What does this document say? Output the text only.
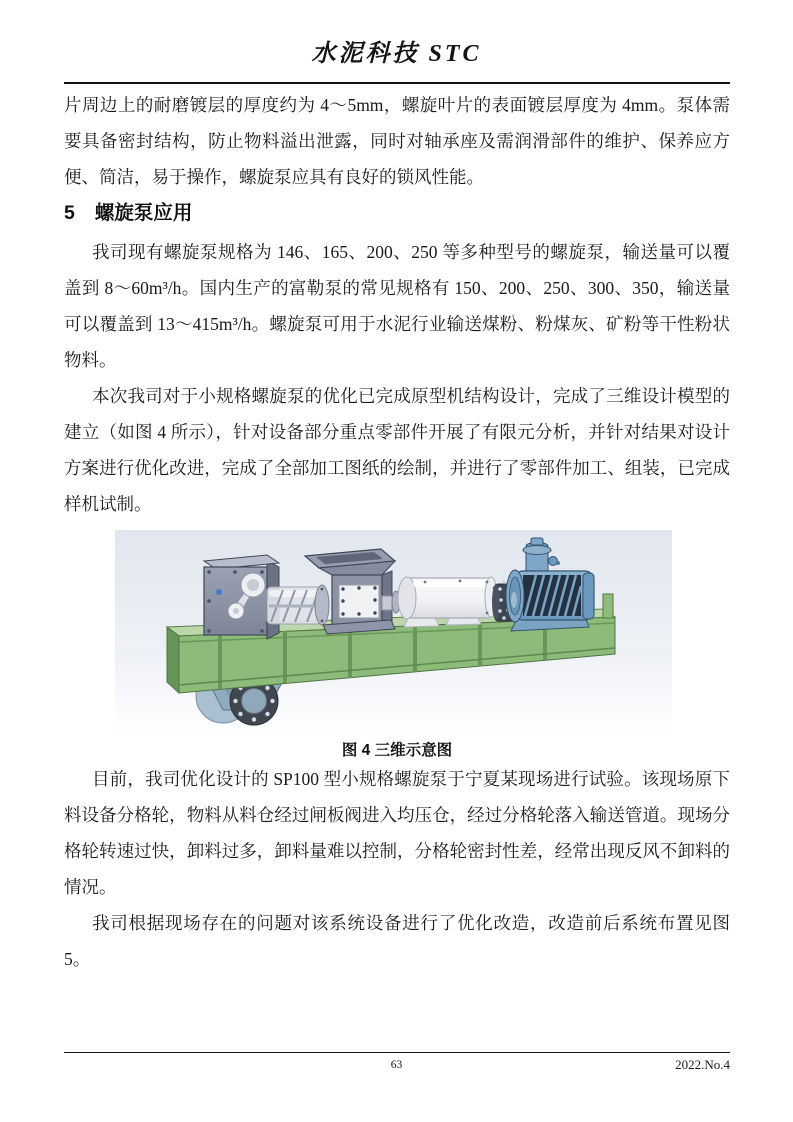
水泥科技 STC

片周边上的耐磨镀层的厚度约为 4～5mm，螺旋叶片的表面镀层厚度为 4mm。泵体需要具备密封结构，防止物料溢出泄露，同时对轴承座及需润滑部件的维护、保养应方便、简洁，易于操作，螺旋泵应具有良好的锁风性能。

5 螺旋泵应用

我司现有螺旋泵规格为 146、165、200、250 等多种型号的螺旋泵，输送量可以覆盖到 8～60m³/h。国内生产的富勒泵的常见规格有 150、200、250、300、350，输送量可以覆盖到 13～415m³/h。螺旋泵可用于水泥行业输送煤粉、粉煤灰、矿粉等干性粉状物料。

本次我司对于小规格螺旋泵的优化已完成原型机结构设计，完成了三维设计模型的建立（如图 4 所示），针对设备部分重点零部件开展了有限元分析，并针对结果对设计方案进行优化改进，完成了全部加工图纸的绘制，并进行了零部件加工、组装，已完成样机试制。

图 4 三维示意图

目前，我司优化设计的 SP100 型小规格螺旋泵于宁夏某现场进行试验。该现场原下料设备分格轮，物料从料仓经过闸板阀进入均压仓，经过分格轮落入输送管道。现场分格轮转速过快，卸料过多，卸料量难以控制，分格轮密封性差，经常出现反风不卸料的情况。

我司根据现场存在的问题对该系统设备进行了优化改造，改造前后系统布置见图 5。

63	2022.No.4
